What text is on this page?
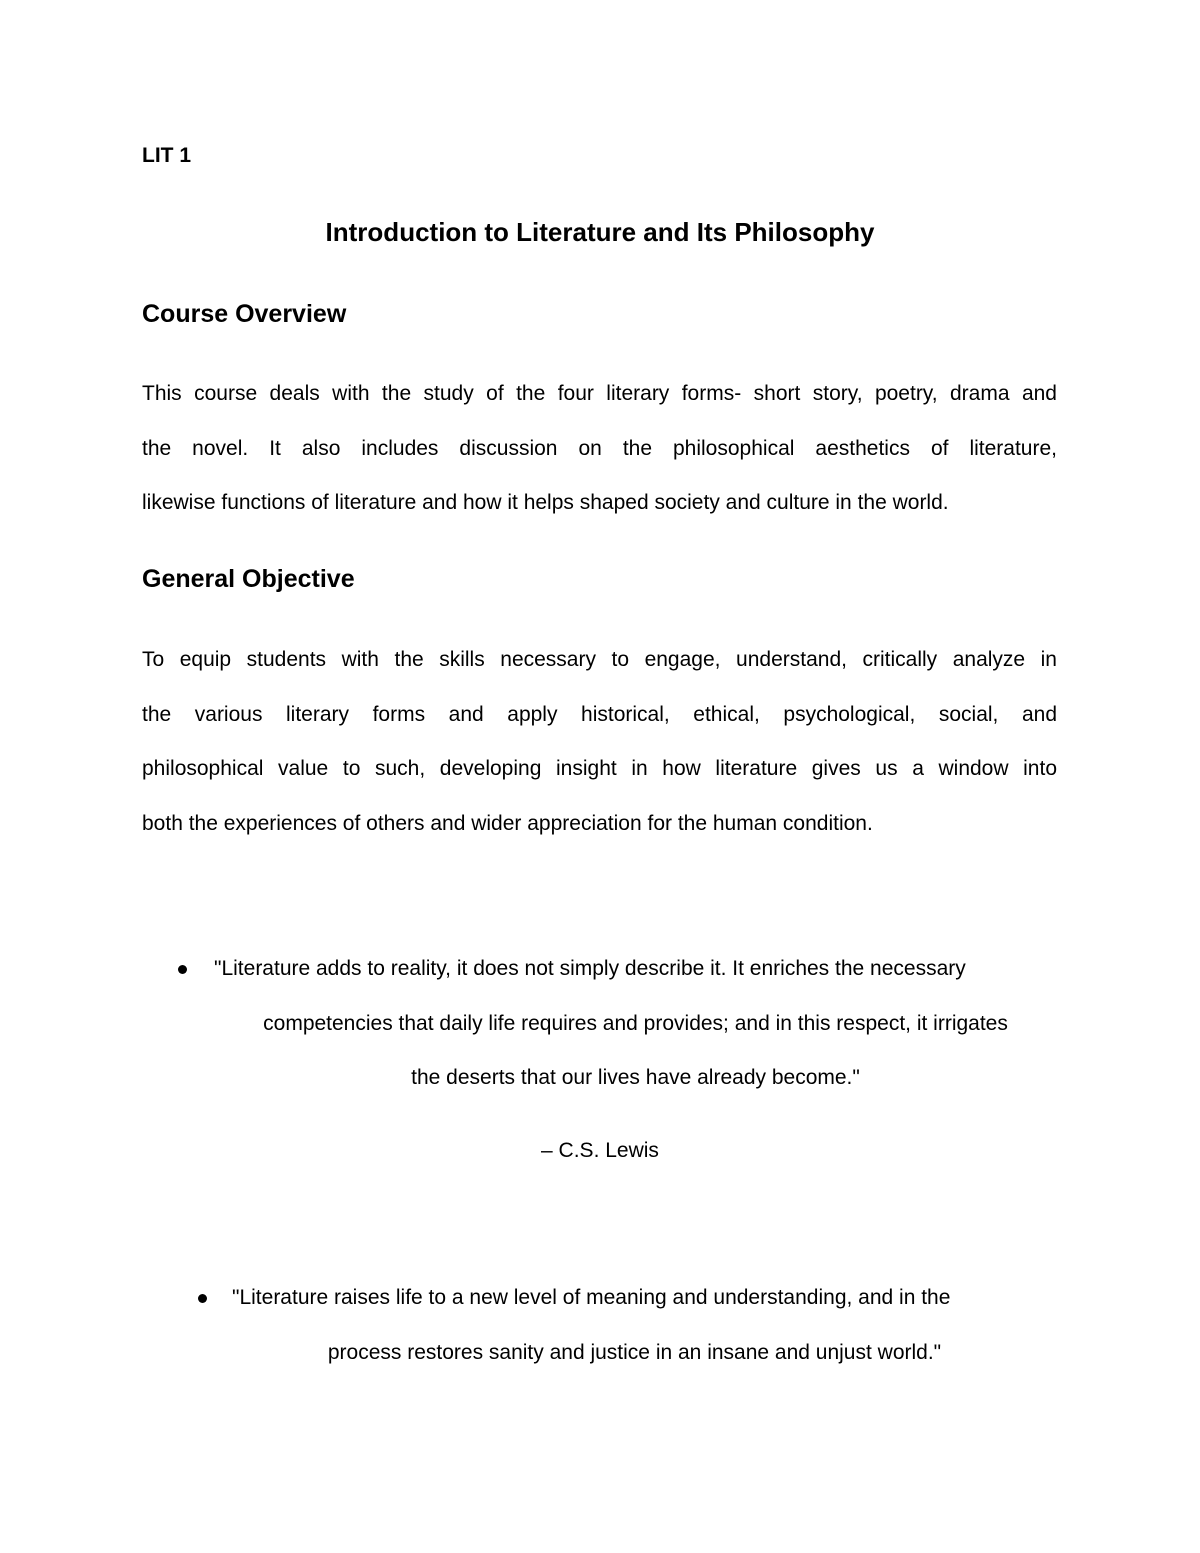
LIT 1
Introduction to Literature and Its Philosophy
Course Overview
This course deals with the study of the four literary forms- short story, poetry, drama and
the novel. It also includes discussion on the philosophical aesthetics of literature,
likewise functions of literature and how it helps shaped society and culture in the world.
General Objective
To equip students with the skills necessary to engage, understand, critically analyze in
the various literary forms and apply historical, ethical, psychological, social, and
philosophical value to such, developing insight in how literature gives us a window into
both the experiences of others and wider appreciation for the human condition.
"Literature adds to reality, it does not simply describe it. It enriches the necessary
competencies that daily life requires and provides; and in this respect, it irrigates
the deserts that our lives have already become."
– C.S. Lewis
"Literature raises life to a new level of meaning and understanding, and in the
process restores sanity and justice in an insane and unjust world."
